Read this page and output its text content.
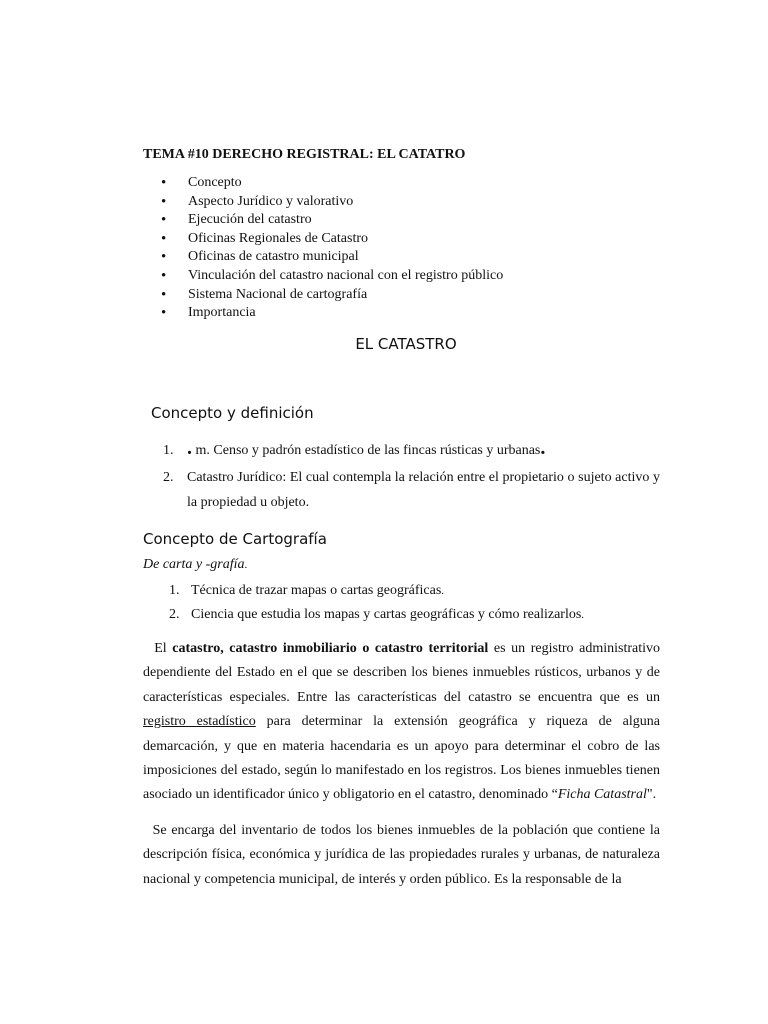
TEMA #10 DERECHO REGISTRAL: EL CATATRO
• Concepto
• Aspecto Jurídico y valorativo
• Ejecución del catastro
• Oficinas Regionales de Catastro
• Oficinas de catastro municipal
• Vinculación del catastro nacional con el registro público
• Sistema Nacional de cartografía
• Importancia
EL CATASTRO
Concepto y definición
1. . m. Censo y padrón estadístico de las fincas rústicas y urbanas.
2. Catastro Jurídico: El cual contempla la relación entre el propietario o sujeto activo y la propiedad u objeto.
Concepto de Cartografía
De carta y -grafía.
1. Técnica de trazar mapas o cartas geográficas.
2. Ciencia que estudia los mapas y cartas geográficas y cómo realizarlos.

El catastro, catastro inmobiliario o catastro territorial es un registro administrativo dependiente del Estado en el que se describen los bienes inmuebles rústicos, urbanos y de características especiales. Entre las características del catastro se encuentra que es un registro estadístico para determinar la extensión geográfica y riqueza de alguna demarcación, y que en materia hacendaria es un apoyo para determinar el cobro de las imposiciones del estado, según lo manifestado en los registros. Los bienes inmuebles tienen asociado un identificador único y obligatorio en el catastro, denominado “Ficha Catastral".

Se encarga del inventario de todos los bienes inmuebles de la población que contiene la descripción física, económica y jurídica de las propiedades rurales y urbanas, de naturaleza nacional y competencia municipal, de interés y orden público. Es la responsable de la
